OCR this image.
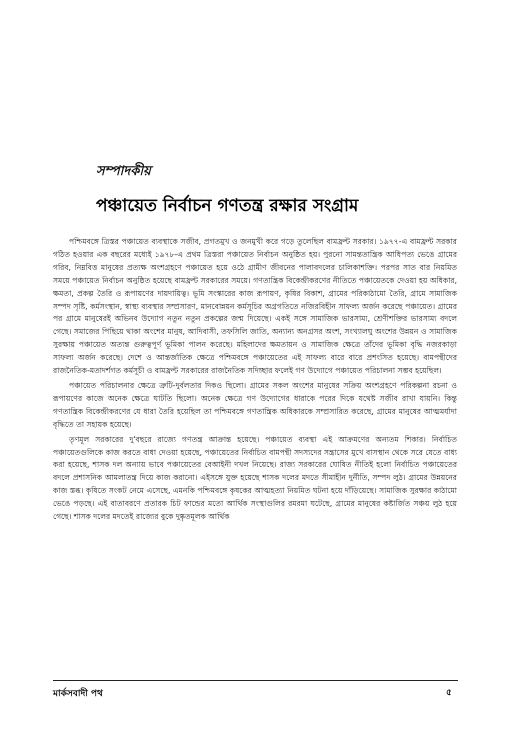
সম্পাদকীয়
পঞ্চায়েত নির্বাচন গণতন্ত্র রক্ষার সংগ্রাম

পশ্চিমবঙ্গে ত্রিস্তর পঞ্চায়েত ব্যবস্থাকে সজীব, প্রগতমুখ ও জনমুখী করে গড়ে তুলেছিল বামফ্রন্ট সরকার। ১৯৭৭-এ বামফ্রন্ট সরকার গঠিত হওয়ার এক বছরের মধ্যেই ১৯৭৮-এ প্রথম ত্রিস্তরা পঞ্চায়েত নির্বাচন অনুষ্ঠিত হয়। পুরনো সামন্ততান্ত্রিক আধিপত্য ভেঙে গ্রামের গরিব, নিম্নবিত্ত মানুষের প্রত্যক্ষ অংশগ্রহণে পঞ্চায়েত হয়ে ওঠে গ্রামীণ জীবনের পালাবদলের চালিকাশক্তি। পরপর সাত বার নিয়মিত সময়ে পঞ্চায়েত নির্বাচন অনুষ্ঠিত হয়েছে বামফ্রন্ট সরকারের সময়ে। গণতান্ত্রিক বিকেন্দ্রীকরণের নীতিতে পঞ্চায়েতকে দেওয়া হয় অধিকার, ক্ষমতা, প্রকল্প তৈরি ও রূপায়ণের দায়দায়িত্ব। ভূমি সংস্কারের কাজ রূপায়ণ, কৃষির বিকাশ, গ্রামের পরিকাঠামো তৈরি, গ্রামে সামাজিক সম্পদ সৃষ্টি, কর্মসংস্থান, স্বাস্থ্য ব্যবস্থার সম্প্রসারণ, মানবোন্নয়ন কর্মসূচির অগ্রগতিতে নজিরবিহীন সাফল্য অর্জন করেছে পঞ্চায়েত। গ্রামের পর গ্রামে মানুষেরই অভিনব উদ্যোগ নতুন নতুন প্রকল্পের জন্ম দিয়েছে। একই সঙ্গে সামাজিক ভারসাম্য, শ্রেণীশক্তির ভারসাম্য বদলে গেছে। সমাজের পিছিয়ে থাকা অংশের মানুষ, আদিবাসী, তফসিলি জাতি, অন্যান্য অনগ্রসর অংশ, সংখ্যালঘু অংশের উন্নয়ন ও সামাজিক সুরক্ষায় পঞ্চায়েত অত্যন্ত গুরুত্বপূর্ণ ভূমিকা পালন করেছে। মহিলাদের ক্ষমতায়ন ও সামাজিক ক্ষেত্রে তাঁদের ভূমিকা বৃদ্ধি নজরকাড়া সাফল্য অর্জন করেছে। দেশে ও আন্তর্জাতিক ক্ষেত্রে পশ্চিমবঙ্গে পঞ্চায়েতের এই সাফল্য বারে বারে প্রশংসিত হয়েছে। বামপন্থীদের রাজনৈতিক-মতাদর্শগত কর্মসূচী ও বামফ্রন্ট সরকারের রাজনৈতিক সদিচ্ছার ফলেই গণ উদ্যোগে পঞ্চায়েত পরিচালনা সম্ভব হয়েছিল।

পঞ্চায়েত পরিচালনার ক্ষেত্রে ত্রুটি-দুর্বলতার দিকও ছিলো। গ্রামের সকল অংশের মানুষের সক্রিয় অংশগ্রহণে পরিকল্পনা রচনা ও রূপায়ণের কাজে অনেক ক্ষেত্রে ঘাটতি ছিলো। অনেক ক্ষেত্রে গণ উদ্যোগের ধারাকে পরের দিকে যথেষ্ট সজীব রাখা যায়নি। কিন্তু গণতান্ত্রিক বিকেন্দ্রীকরণের যে ধারা তৈরি হয়েছিল তা পশ্চিমবঙ্গে গণতান্ত্রিক অধিকারকে সম্প্রসারিত করেছে, গ্রামের মানুষের আত্মমর্যাদা বৃদ্ধিতে তা সহায়ক হয়েছে।

তৃণমূল সরকারের দু'বছরে রাজ্যে গণতন্ত্র আক্রান্ত হয়েছে। পঞ্চায়েত ব্যবস্থা এই আক্রমণের অন্যতম শিকার। নির্বাচিত পঞ্চায়েতগুলিকে কাজ করতে বাধা দেওয়া হয়েছে, পঞ্চায়েতের নির্বাচিত বামপন্থী সদস্যদের সন্ত্রাসের মুখে বাসস্থান থেকে সরে যেতে বাধ্য করা হয়েছে, শাসক দল অন্যায় ভাবে পঞ্চায়েতের বেআইনী দখল নিয়েছে। রাজ্য সরকারের ঘোষিত নীতিই হলো নির্বাচিত পঞ্চায়েতের বদলে প্রশাসনিক আমলাতন্ত্র দিয়ে কাজ করানো। এইসঙ্গে যুক্ত হয়েছে শাসক দলের মদতে সীমাহীন দুর্নীতি, সম্পদ লুঠ। গ্রামের উন্নয়নের কাজ স্তব্ধ। কৃষিতে সংকট নেমে এসেছে, এমনকি পশ্চিমবঙ্গে কৃষকের আত্মহত্যা নিয়মিত ঘটনা হয়ে দাঁড়িয়েছে। সামাজিক সুরক্ষার কাঠামো ভেঙে পড়ছে। এই বাতাবরণে প্রতারক চিট ফান্ডের মতো আর্থিক সংস্থাগুলির রমরমা ঘটেছে, গ্রামের মানুষের কষ্টার্জিত সঞ্চয় লুঠ হয়ে গেছে। শাসক দলের মদতেই রাজ্যের বুকে দুষ্কৃতমূলক আর্থিক

মার্কসবাদী পথ	৫
